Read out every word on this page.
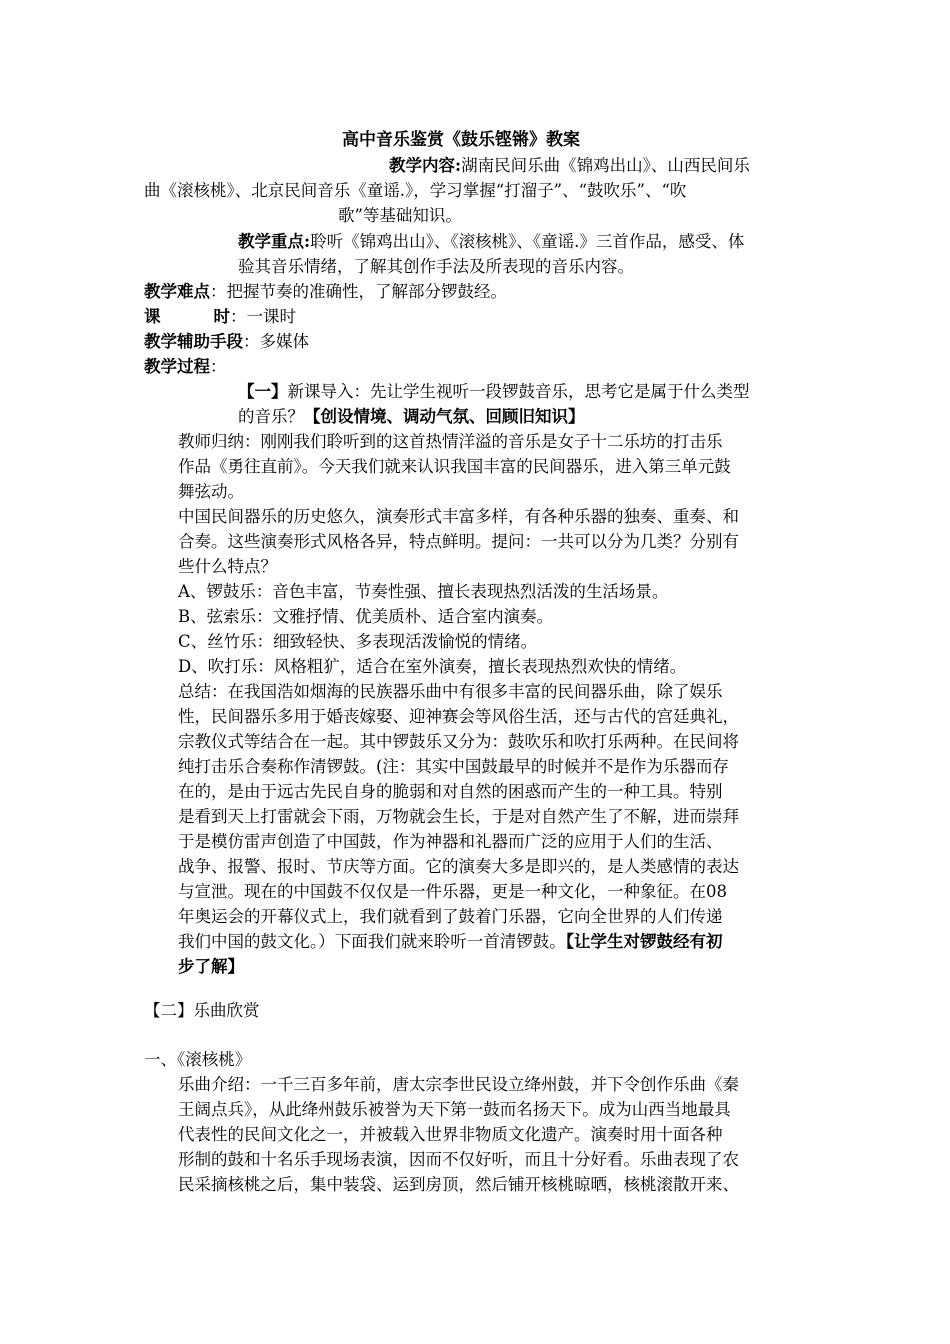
高中音乐鉴赏《鼓乐铿锵》教案
教学内容:湖南民间乐曲《锦鸡出山》、山西民间乐
曲《滚核桃》、北京民间音乐《童谣.》，学习掌握“打溜子”、“鼓吹乐”、“吹
歌”等基础知识。
教学重点:聆听《锦鸡出山》、《滚核桃》、《童谣.》三首作品，感受、体
验其音乐情绪，了解其创作手法及所表现的音乐内容。
教学难点：把握节奏的准确性，了解部分锣鼓经。
课	时：一课时
教学辅助手段：多媒体
教学过程：
【一】新课导入：先让学生视听一段锣鼓音乐，思考它是属于什么类型
的音乐？【创设情境、调动气氛、回顾旧知识】
教师归纳：刚刚我们聆听到的这首热情洋溢的音乐是女子十二乐坊的打击乐
作品《勇往直前》。今天我们就来认识我国丰富的民间器乐，进入第三单元鼓
舞弦动。
中国民间器乐的历史悠久，演奏形式丰富多样，有各种乐器的独奏、重奏、和
合奏。这些演奏形式风格各异，特点鲜明。提问：一共可以分为几类？分别有
些什么特点？
A、锣鼓乐：音色丰富，节奏性强、擅长表现热烈活泼的生活场景。
B、弦索乐：文雅抒情、优美质朴、适合室内演奏。
C、丝竹乐：细致轻快、多表现活泼愉悦的情绪。
D、吹打乐：风格粗犷，适合在室外演奏，擅长表现热烈欢快的情绪。
总结：在我国浩如烟海的民族器乐曲中有很多丰富的民间器乐曲，除了娱乐
性，民间器乐多用于婚丧嫁娶、迎神赛会等风俗生活，还与古代的宫廷典礼，
宗教仪式等结合在一起。其中锣鼓乐又分为：鼓吹乐和吹打乐两种。在民间将
纯打击乐合奏称作清锣鼓。(注：其实中国鼓最早的时候并不是作为乐器而存
在的，是由于远古先民自身的脆弱和对自然的困惑而产生的一种工具。特别
是看到天上打雷就会下雨，万物就会生长，于是对自然产生了不解，进而崇拜
于是模仿雷声创造了中国鼓，作为神器和礼器而广泛的应用于人们的生活、
战争、报警、报时、节庆等方面。它的演奏大多是即兴的，是人类感情的表达
与宣泄。现在的中国鼓不仅仅是一件乐器，更是一种文化，一种象征。在08
年奥运会的开幕仪式上，我们就看到了鼓着门乐器，它向全世界的人们传递
我们中国的鼓文化。）下面我们就来聆听一首清锣鼓。【让学生对锣鼓经有初
步了解】
【二】乐曲欣赏
一、《滚核桃》
乐曲介绍：一千三百多年前，唐太宗李世民设立绛州鼓，并下令创作乐曲《秦
王阔点兵》，从此绛州鼓乐被誉为天下第一鼓而名扬天下。成为山西当地最具
代表性的民间文化之一，并被载入世界非物质文化遗产。演奏时用十面各种
形制的鼓和十名乐手现场表演，因而不仅好听，而且十分好看。乐曲表现了农
民采摘核桃之后，集中装袋、运到房顶，然后铺开核桃晾晒，核桃滚散开来、
